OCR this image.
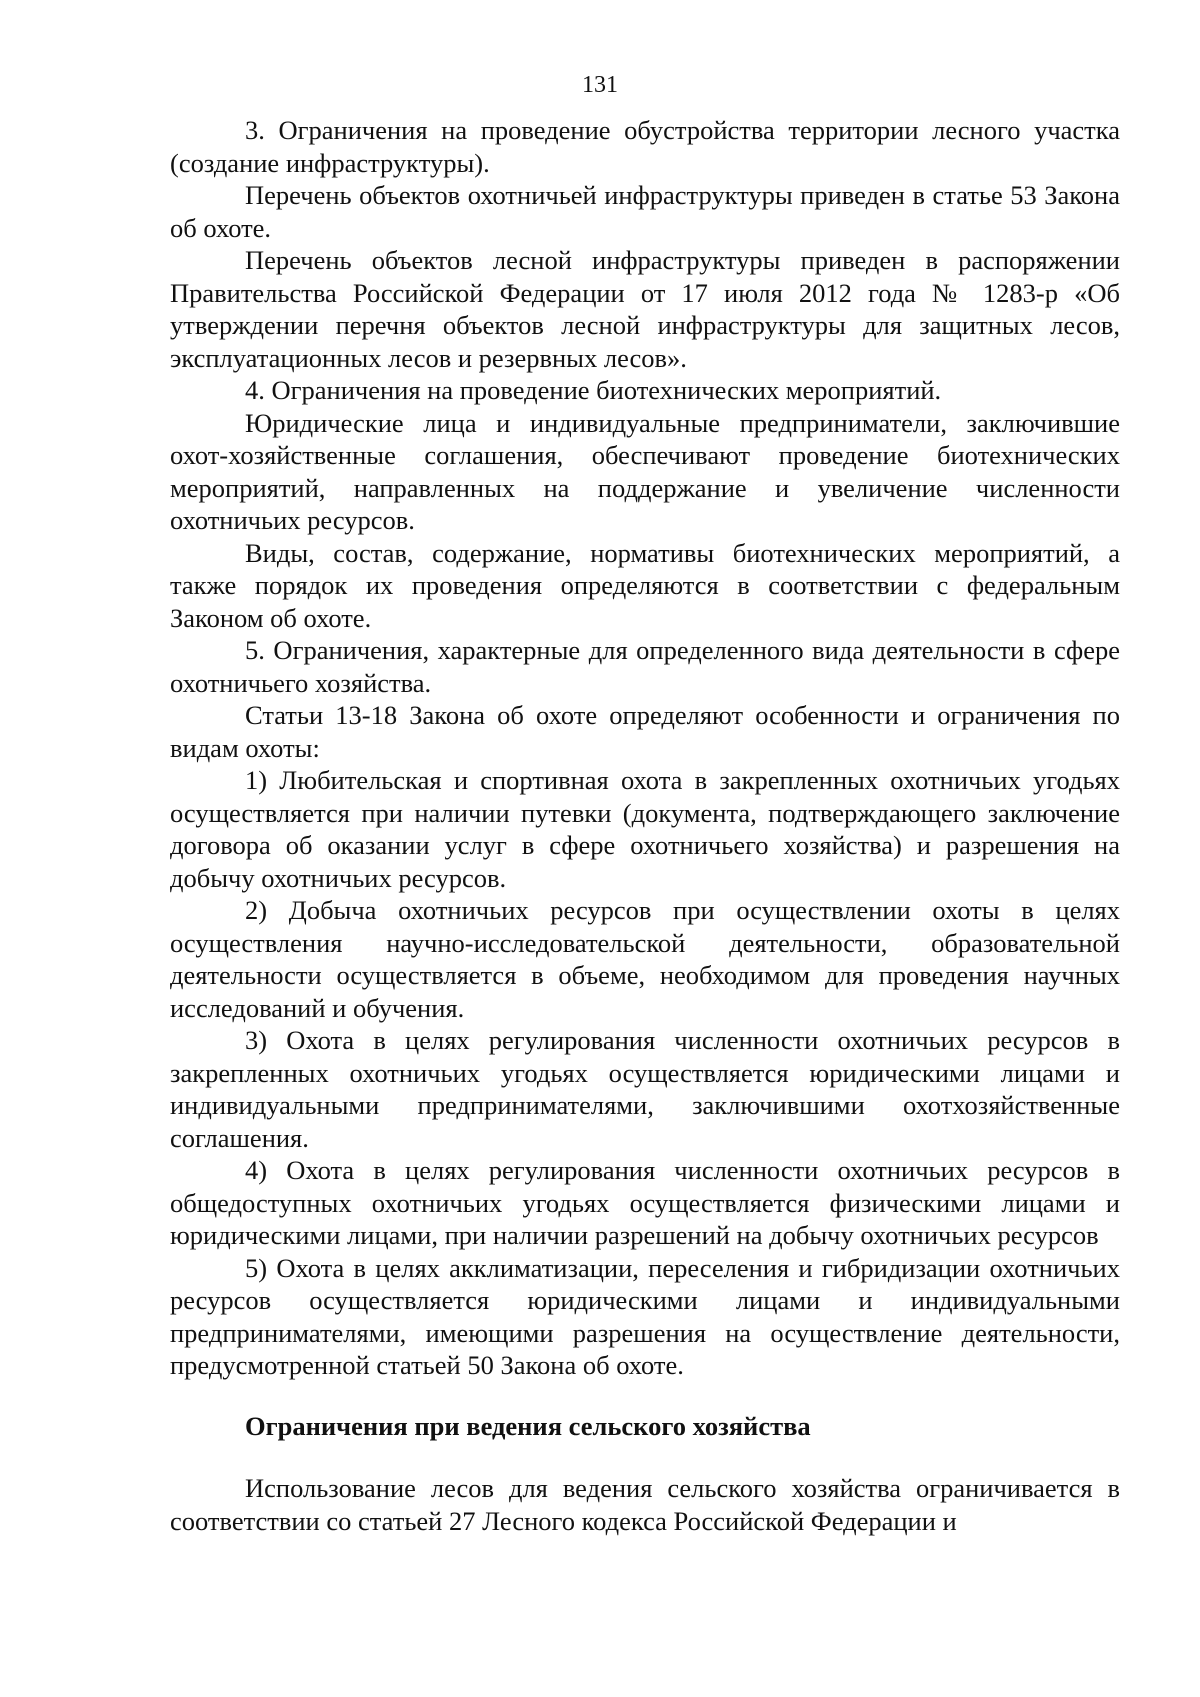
131

3. Ограничения на проведение обустройства территории лесного участка (создание инфраструктуры).

Перечень объектов охотничьей инфраструктуры приведен в статье 53 Закона об охоте.

Перечень объектов лесной инфраструктуры приведен в распоряжении Правительства Российской Федерации от 17 июля 2012 года № 1283-р «Об утверждении перечня объектов лесной инфраструктуры для защитных лесов, эксплуатационных лесов и резервных лесов».

4. Ограничения на проведение биотехнических мероприятий.

Юридические лица и индивидуальные предприниматели, заключившие охот-хозяйственные соглашения, обеспечивают проведение биотехнических мероприятий, направленных на поддержание и увеличение численности охотничьих ресурсов.

Виды, состав, содержание, нормативы биотехнических мероприятий, а также порядок их проведения определяются в соответствии с федеральным Законом об охоте.

5. Ограничения, характерные для определенного вида деятельности в сфере охотничьего хозяйства.

Статьи 13-18 Закона об охоте определяют особенности и ограничения по видам охоты:

1) Любительская и спортивная охота в закрепленных охотничьих угодьях осуществляется при наличии путевки (документа, подтверждающего заключение договора об оказании услуг в сфере охотничьего хозяйства) и разрешения на добычу охотничьих ресурсов.

2) Добыча охотничьих ресурсов при осуществлении охоты в целях осуществления научно-исследовательской деятельности, образовательной деятельности осуществляется в объеме, необходимом для проведения научных исследований и обучения.

3) Охота в целях регулирования численности охотничьих ресурсов в закрепленных охотничьих угодьях осуществляется юридическими лицами и индивидуальными предпринимателями, заключившими охотхозяйственные соглашения.

4) Охота в целях регулирования численности охотничьих ресурсов в общедоступных охотничьих угодьях осуществляется физическими лицами и юридическими лицами, при наличии разрешений на добычу охотничьих ресурсов

5) Охота в целях акклиматизации, переселения и гибридизации охотничьих ресурсов осуществляется юридическими лицами и индивидуальными предпринимателями, имеющими разрешения на осуществление деятельности, предусмотренной статьей 50 Закона об охоте.

Ограничения при ведения сельского хозяйства

Использование лесов для ведения сельского хозяйства ограничивается в соответствии со статьей 27 Лесного кодекса Российской Федерации и
